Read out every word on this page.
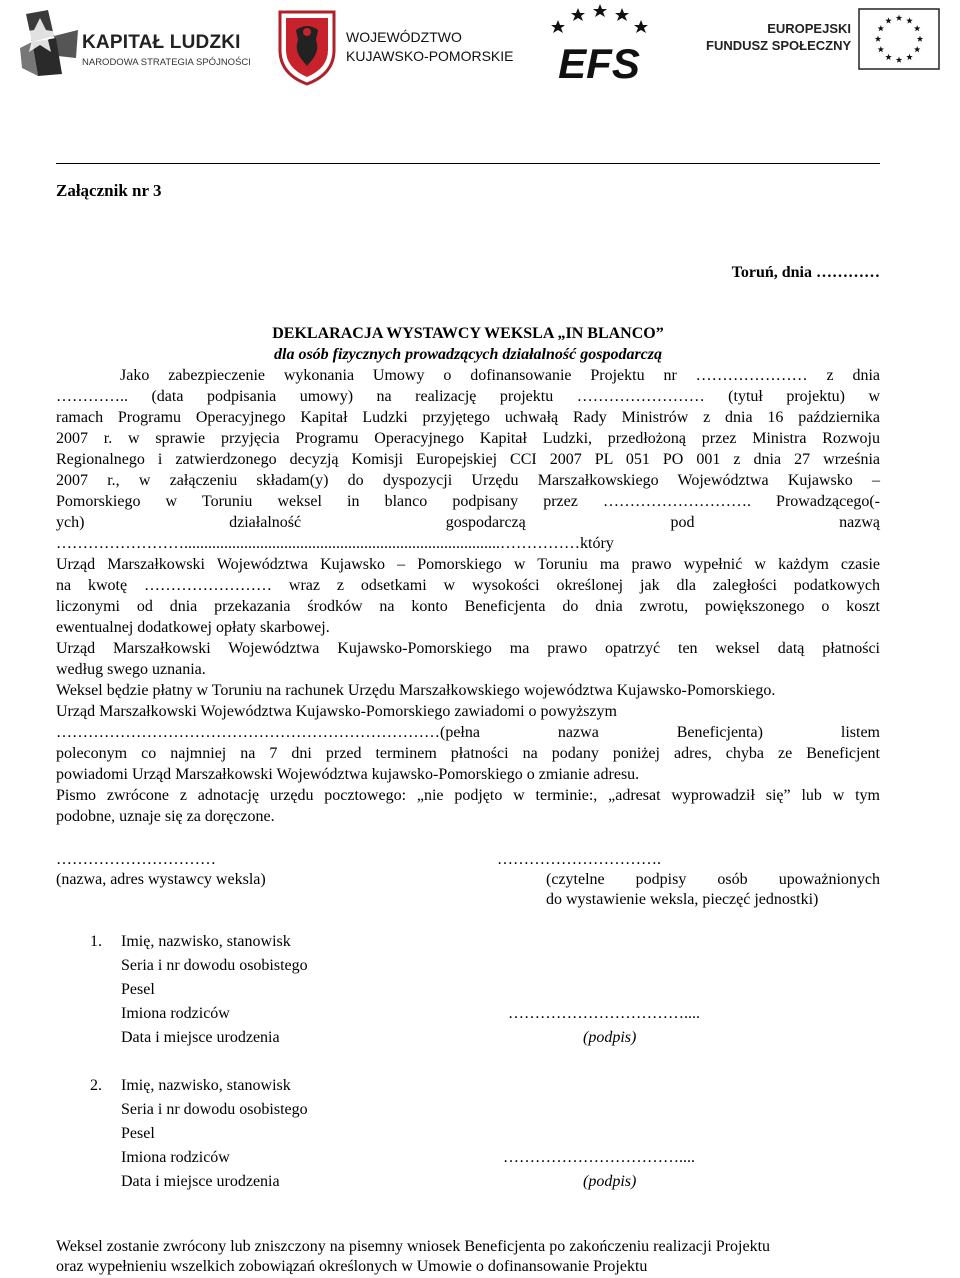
KAPITAŁ LUDZKI
NARODOWA STRATEGIA SPÓJNOŚCI
WOJEWÓDZTWO
KUJAWSKO-POMORSKIE EFS
EUROPEJSKI
FUNDUSZ SPOŁECZNY
Załącznik nr 3
Toruń, dnia …………
DEKLARACJA WYSTAWCY WEKSLA „IN BLANCO”
dla osób fizycznych prowadzących działalność gospodarczą
Jako zabezpieczenie wykonania Umowy o dofinansowanie Projektu nr ………………… z dnia
………….. (data podpisania umowy) na realizację projektu …………………… (tytuł projektu) w
ramach Programu Operacyjnego Kapitał Ludzki przyjętego uchwałą Rady Ministrów z dnia 16 października
2007 r. w sprawie przyjęcia Programu Operacyjnego Kapitał Ludzki, przedłożoną przez Ministra Rozwoju
Regionalnego i zatwierdzonego decyzją Komisji Europejskiej CCI 2007 PL 051 PO 001 z dnia 27 września
2007 r., w załączeniu składam(y) do dyspozycji Urzędu Marszałkowskiego Województwa Kujawsko –
Pomorskiego w Toruniu weksel in blanco podpisany przez ………………………. Prowadzącego(-
ych) działalność gospodarczą pod nazwą
……………………...............................................................................……………który
Urząd Marszałkowski Województwa Kujawsko – Pomorskiego w Toruniu ma prawo wypełnić w każdym czasie
na kwotę …………………… wraz z odsetkami w wysokości określonej jak dla zaległości podatkowych
liczonymi od dnia przekazania środków na konto Beneficjenta do dnia zwrotu, powiększonego o koszt
ewentualnej dodatkowej opłaty skarbowej.
Urząd Marszałkowski Województwa Kujawsko-Pomorskiego ma prawo opatrzyć ten weksel datą płatności
według swego uznania.
Weksel będzie płatny w Toruniu na rachunek Urzędu Marszałkowskiego województwa Kujawsko-Pomorskiego.
Urząd Marszałkowski Województwa Kujawsko-Pomorskiego zawiadomi o powyższym
………………………………………………………………(pełna nazwa Beneficjenta) listem
poleconym co najmniej na 7 dni przed terminem płatności na podany poniżej adres, chyba ze Beneficjent
powiadomi Urząd Marszałkowski Województwa kujawsko-Pomorskiego o zmianie adresu.
Pismo zwrócone z adnotację urzędu pocztowego: „nie podjęto w terminie:, „adresat wyprowadził się” lub w tym
podobne, uznaje się za doręczone.
…………………………
(nazwa, adres wystawcy weksla)
………………………….
(czytelne podpisy osób upoważnionych
do wystawienie weksla, pieczęć jednostki)
1. Imię, nazwisko, stanowisk
Seria i nr dowodu osobistego
Pesel
Imiona rodziców
Data i miejsce urodzenia
……………………………....
(podpis)
2. Imię, nazwisko, stanowisk
Seria i nr dowodu osobistego
Pesel
Imiona rodziców
Data i miejsce urodzenia
……………………………....
(podpis)
Weksel zostanie zwrócony lub zniszczony na pisemny wniosek Beneficjenta po zakończeniu realizacji Projektu
oraz wypełnieniu wszelkich zobowiązań określonych w Umowie o dofinansowanie Projektu
